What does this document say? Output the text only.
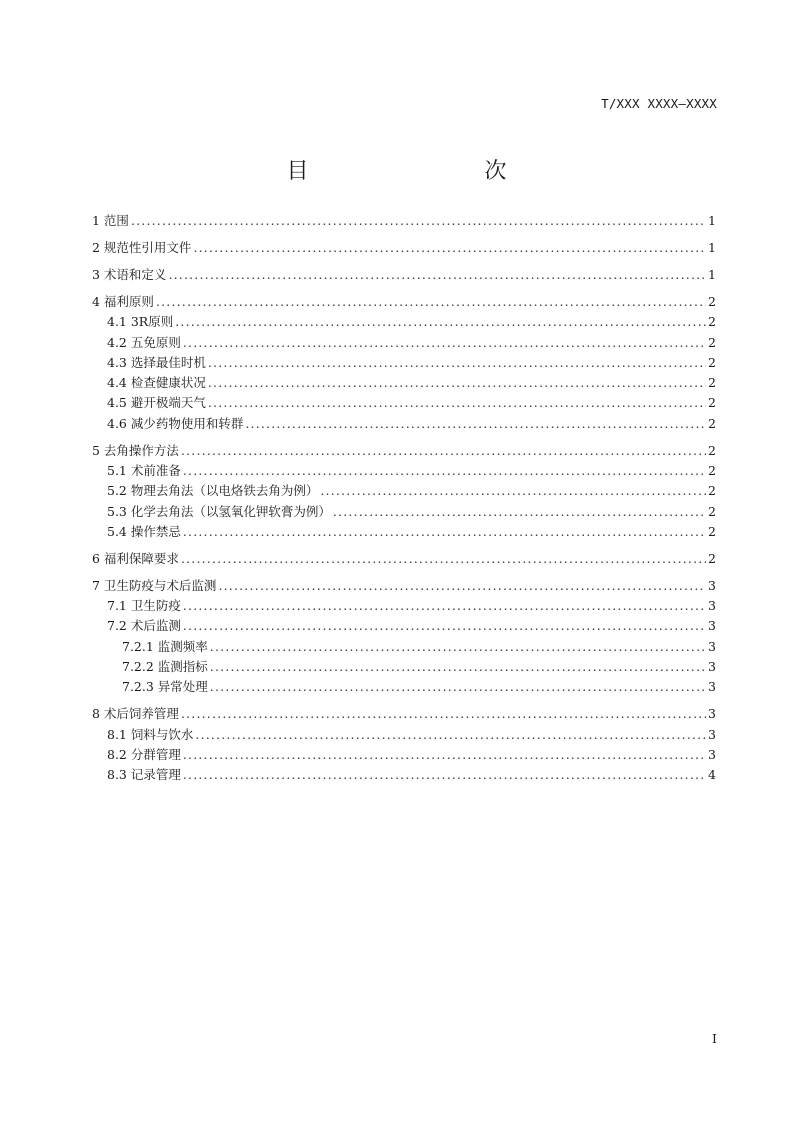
T/XXX XXXX—XXXX
目　　次
1 范围 .....	1
2 规范性引用文件 .....	1
3 术语和定义 .....	1
4 福利原则 .....	2
4.1 3R原则 .....	2
4.2 五免原则 .....	2
4.3 选择最佳时机 .....	2
4.4 检查健康状况 .....	2
4.5 避开极端天气 .....	2
4.6 减少药物使用和转群 .....	2
5 去角操作方法 .....	2
5.1 术前准备 .....	2
5.2 物理去角法（以电烙铁去角为例） .....	2
5.3 化学去角法（以氢氧化钾软膏为例） .....	2
5.4 操作禁忌 .....	2
6 福利保障要求 .....	2
7 卫生防疫与术后监测 .....	3
7.1 卫生防疫 .....	3
7.2 术后监测 .....	3
7.2.1 监测频率 .....	3
7.2.2 监测指标 .....	3
7.2.3 异常处理 .....	3
8 术后饲养管理 .....	3
8.1 饲料与饮水 .....	3
8.2 分群管理 .....	3
8.3 记录管理 .....	4
I
